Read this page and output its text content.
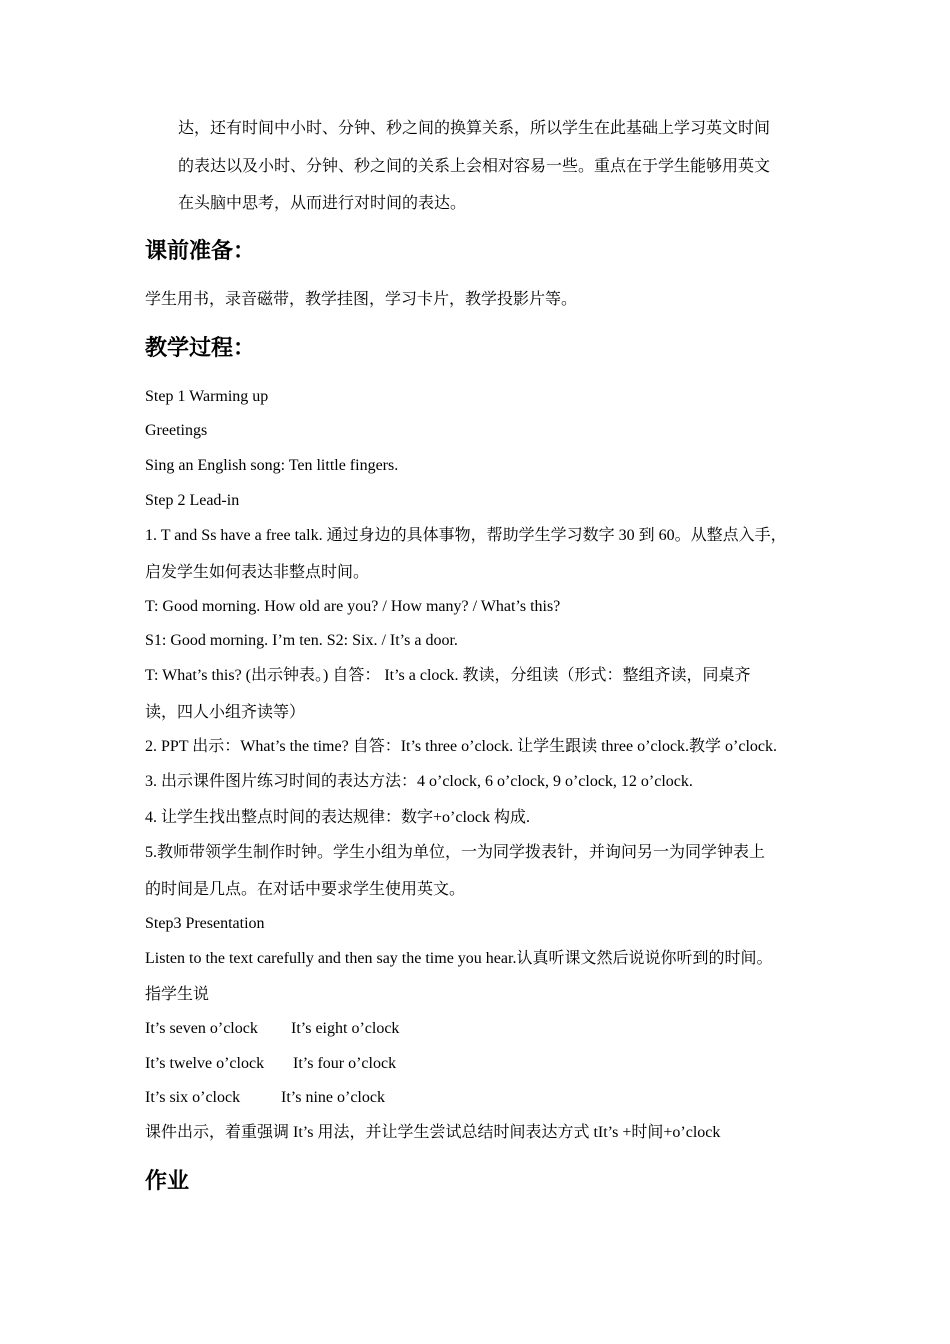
达，还有时间中小时、分钟、秒之间的换算关系，所以学生在此基础上学习英文时间
的表达以及小时、分钟、秒之间的关系上会相对容易一些。重点在于学生能够用英文
在头脑中思考，从而进行对时间的表达。
课前准备：
学生用书，录音磁带，教学挂图，学习卡片，教学投影片等。
教学过程：
Step 1 Warming up
Greetings
Sing an English song: Ten little fingers.
Step 2 Lead-in
1. T and Ss have a free talk. 通过身边的具体事物，帮助学生学习数字 30 到 60。从整点入手，
启发学生如何表达非整点时间。
T: Good morning. How old are you? / How many? / What’s this?
S1: Good morning. I’m ten. S2: Six. / It’s a door.
T: What’s this? (出示钟表。) 自答： It’s a clock. 教读，分组读（形式：整组齐读，同桌齐
读，四人小组齐读等）
2. PPT 出示：What’s the time? 自答：It’s three o’clock. 让学生跟读 three o’clock.教学 o’clock.
3. 出示课件图片练习时间的表达方法：4 o’clock, 6 o’clock, 9 o’clock, 12 o’clock.
4. 让学生找出整点时间的表达规律：数字+o’clock 构成.
5.教师带领学生制作时钟。学生小组为单位，一为同学拨表针，并询问另一为同学钟表上
的时间是几点。在对话中要求学生使用英文。
Step3 Presentation
Listen to the text carefully and then say the time you hear.认真听课文然后说说你听到的时间。
指学生说
It’s seven o’clock It’s eight o’clock
It’s twelve o’clock It’s four o’clock
It’s six o’clock	It’s nine o’clock
课件出示，着重强调 It’s 用法，并让学生尝试总结时间表达方式 tIt’s +时间+o’clock
作业
